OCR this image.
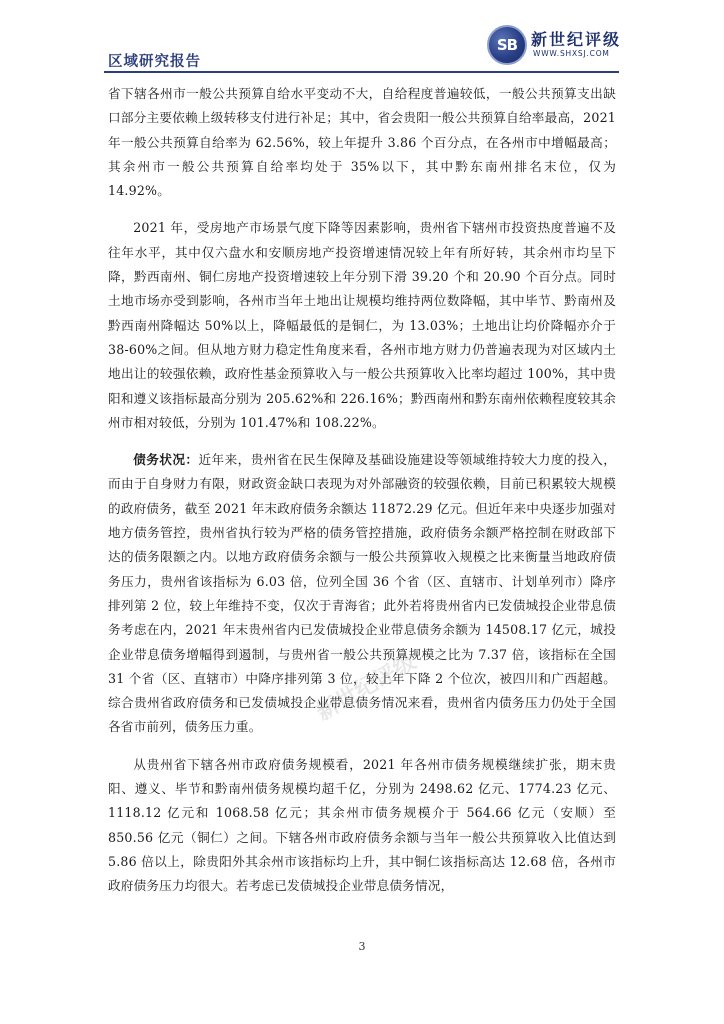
SB 新世纪评级
WWW.SHXSJ.COM
区域研究报告

省下辖各州市一般公共预算自给水平变动不大，自给程度普遍较低，一般公共预算支出缺口部分主要依赖上级转移支付进行补足；其中，省会贵阳一般公共预算自给率最高，2021 年一般公共预算自给率为 62.56%，较上年提升 3.86 个百分点，在各州市中增幅最高；其余州市一般公共预算自给率均处于 35%以下，其中黔东南州排名末位，仅为 14.92%。

2021 年，受房地产市场景气度下降等因素影响，贵州省下辖州市投资热度普遍不及往年水平，其中仅六盘水和安顺房地产投资增速情况较上年有所好转，其余州市均呈下降，黔西南州、铜仁房地产投资增速较上年分别下滑 39.20 个和 20.90 个百分点。同时土地市场亦受到影响，各州市当年土地出让规模均维持两位数降幅，其中毕节、黔南州及黔西南州降幅达 50%以上，降幅最低的是铜仁，为 13.03%；土地出让均价降幅亦介于 38-60%之间。但从地方财力稳定性角度来看，各州市地方财力仍普遍表现为对区域内土地出让的较强依赖，政府性基金预算收入与一般公共预算收入比率均超过 100%，其中贵阳和遵义该指标最高分别为 205.62%和 226.16%；黔西南州和黔东南州依赖程度较其余州市相对较低，分别为 101.47%和 108.22%。

债务状况：近年来，贵州省在民生保障及基础设施建设等领域维持较大力度的投入，而由于自身财力有限，财政资金缺口表现为对外部融资的较强依赖，目前已积累较大规模的政府债务，截至 2021 年末政府债务余额达 11872.29 亿元。但近年来中央逐步加强对地方债务管控，贵州省执行较为严格的债务管控措施，政府债务余额严格控制在财政部下达的债务限额之内。以地方政府债务余额与一般公共预算收入规模之比来衡量当地政府债务压力，贵州省该指标为 6.03 倍，位列全国 36 个省（区、直辖市、计划单列市）降序排列第 2 位，较上年维持不变，仅次于青海省；此外若将贵州省内已发债城投企业带息债务考虑在内，2021 年末贵州省内已发债城投企业带息债务余额为 14508.17 亿元，城投企业带息债务增幅得到遏制，与贵州省一般公共预算规模之比为 7.37 倍，该指标在全国 31 个省（区、直辖市）中降序排列第 3 位，较上年下降 2 个位次，被四川和广西超越。综合贵州省政府债务和已发债城投企业带息债务情况来看，贵州省内债务压力仍处于全国各省市前列，债务压力重。

从贵州省下辖各州市政府债务规模看，2021 年各州市债务规模继续扩张，期末贵阳、遵义、毕节和黔南州债务规模均超千亿，分别为 2498.62 亿元、1774.23 亿元、1118.12 亿元和 1068.58 亿元；其余州市债务规模介于 564.66 亿元（安顺）至 850.56 亿元（铜仁）之间。下辖各州市政府债务余额与当年一般公共预算收入比值达到 5.86 倍以上，除贵阳外其余州市该指标均上升，其中铜仁该指标高达 12.68 倍，各州市政府债务压力均很大。若考虑已发债城投企业带息债务情况，

新世纪评级
3
